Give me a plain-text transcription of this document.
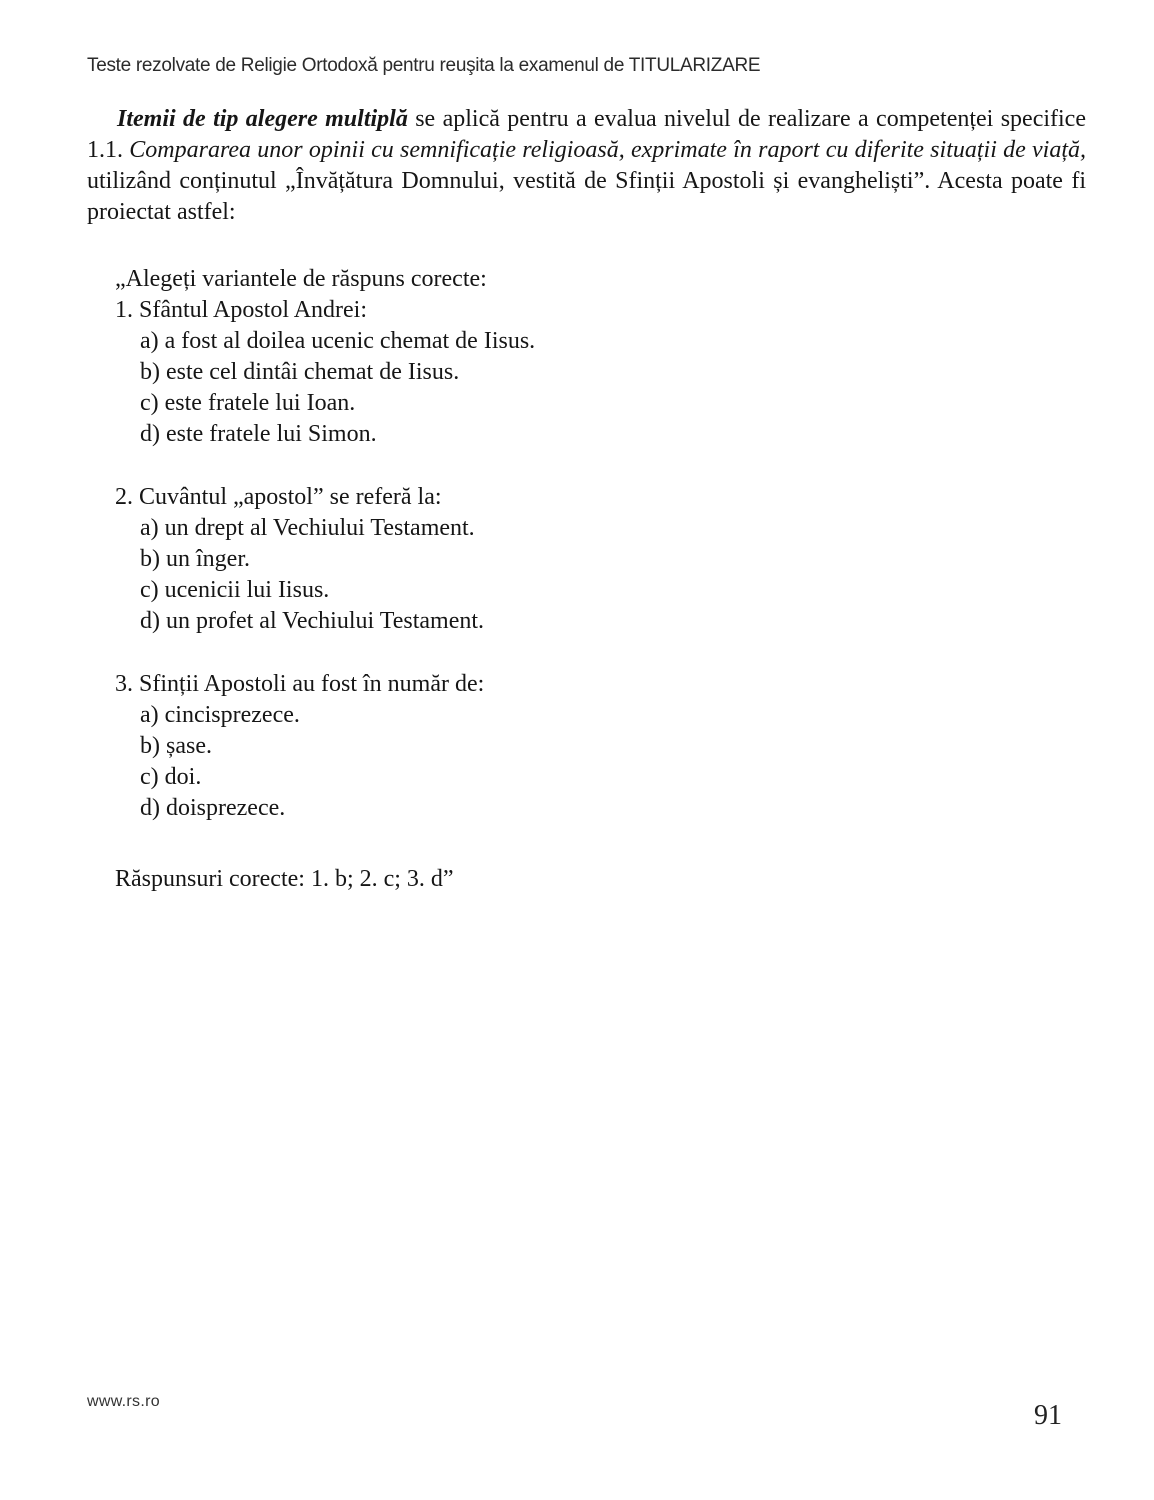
Teste rezolvate de Religie Ortodoxă pentru reuşita la examenul de TITULARIZARE

Itemii de tip alegere multiplă se aplică pentru a evalua nivelul de realizare a competenței specifice 1.1. Compararea unor opinii cu semnificație religioasă, exprimate în raport cu diferite situații de viață, utilizând conținutul „Învățătura Domnului, vestită de Sfinții Apostoli și evangheliști”. Acesta poate fi proiectat astfel:

„Alegeți variantele de răspuns corecte:
1. Sfântul Apostol Andrei:
a) a fost al doilea ucenic chemat de Iisus.
b) este cel dintâi chemat de Iisus.
c) este fratele lui Ioan.
d) este fratele lui Simon.
2. Cuvântul „apostol” se referă la:
a) un drept al Vechiului Testament.
b) un înger.
c) ucenicii lui Iisus.
d) un profet al Vechiului Testament.
3. Sfinții Apostoli au fost în număr de:
a) cincisprezece.
b) șase.
c) doi.
d) doisprezece.
Răspunsuri corecte: 1. b; 2. c; 3. d”
www.rs.ro	91
